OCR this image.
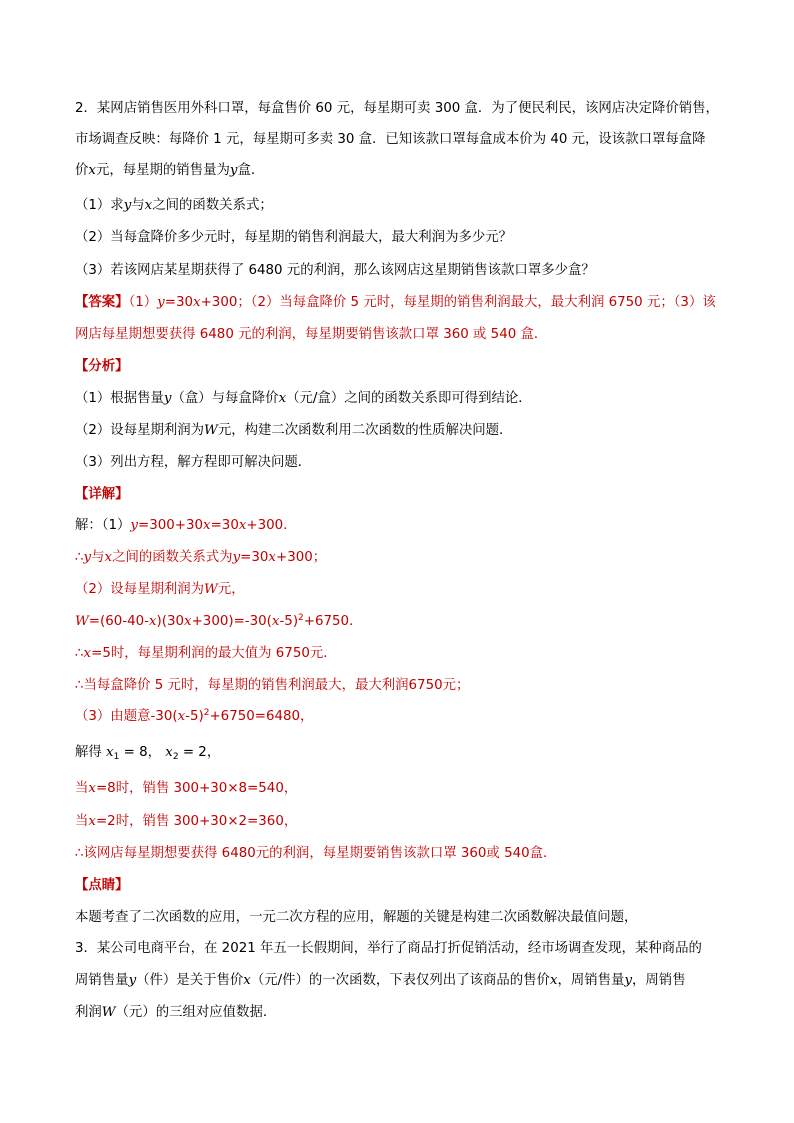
2．某网店销售医用外科口罩，每盒售价 60 元，每星期可卖 300 盒．为了便民利民，该网店决定降价销售，
市场调查反映：每降价 1 元，每星期可多卖 30 盒．已知该款口罩每盒成本价为 40 元，设该款口罩每盒降
价x元，每星期的销售量为y盒．
（1）求y与x之间的函数关系式；
（2）当每盒降价多少元时，每星期的销售利润最大，最大利润为多少元？
（3）若该网店某星期获得了 6480 元的利润，那么该网店这星期销售该款口罩多少盒？
【答案】（1）y=30x+300；（2）当每盒降价 5 元时，每星期的销售利润最大，最大利润 6750 元；（3）该
网店每星期想要获得 6480 元的利润，每星期要销售该款口罩 360 或 540 盒．
【分析】
（1）根据售量y（盒）与每盒降价x（元/盒）之间的函数关系即可得到结论．
（2）设每星期利润为W元，构建二次函数利用二次函数的性质解决问题．
（3）列出方程，解方程即可解决问题．
【详解】
解：（1）y=300+30x=30x+300．
∴y与x之间的函数关系式为y=30x+300；
（2）设每星期利润为W元，
$W=(60-40-x)(30x+300)=-30(x-5)^2+6750$．
∴x=5时，每星期利润的最大值为 6750元．
∴当每盒降价 5 元时，每星期的销售利润最大，最大利润6750元；
（3）由题意$-30(x-5)^2+6750=6480$，
解得 $x_1 = 8$， $x_2 = 2$，
当x=8时，销售 300+30×8=540，
当x=2时，销售 300+30×2=360，
∴该网店每星期想要获得 6480元的利润，每星期要销售该款口罩 360或 540盒．
【点睛】
本题考查了二次函数的应用，一元二次方程的应用，解题的关键是构建二次函数解决最值问题，
3．某公司电商平台，在 2021 年五一长假期间，举行了商品打折促销活动，经市场调查发现，某种商品的
周销售量y（件）是关于售价x（元/件）的一次函数，下表仅列出了该商品的售价x，周销售量y，周销售
利润W（元）的三组对应值数据．
